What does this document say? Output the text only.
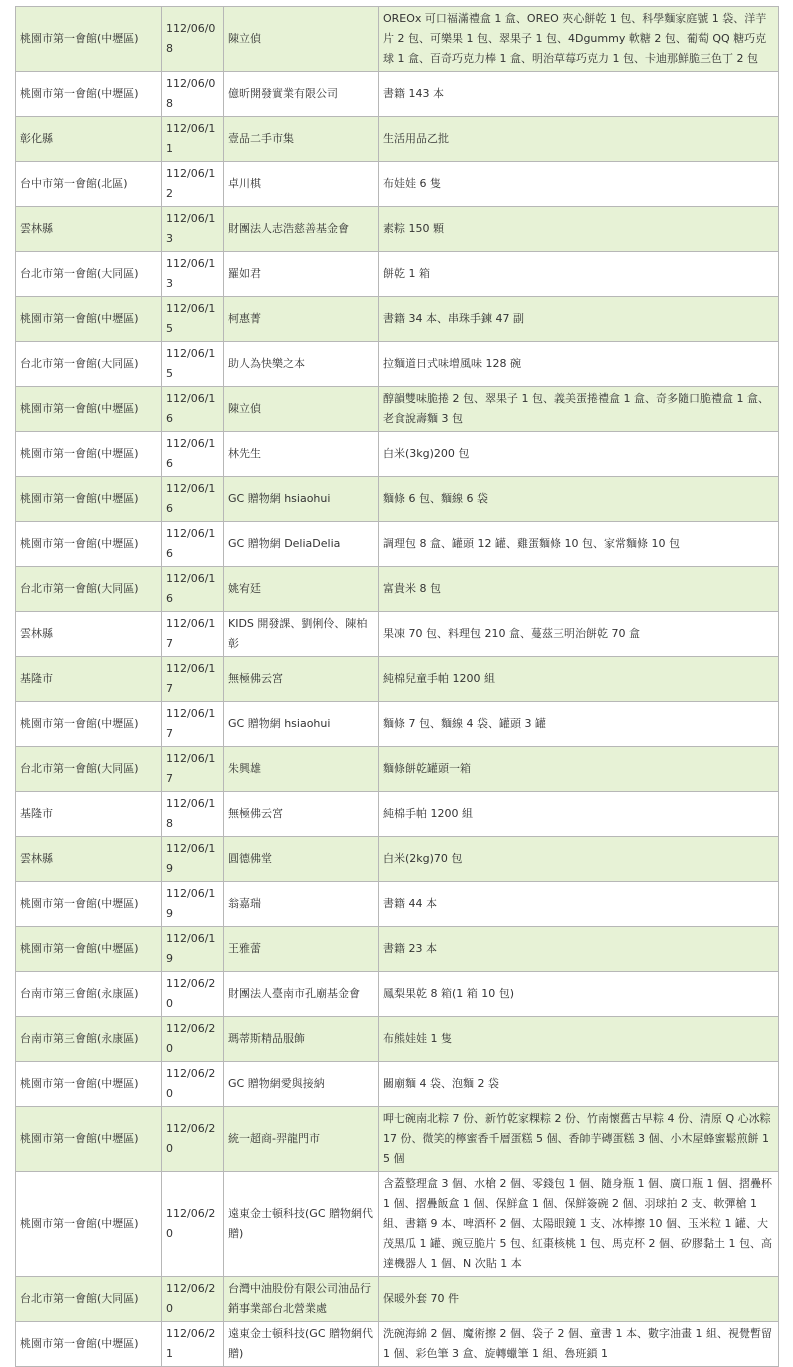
桃園市第一會館(中壢區)	112/06/08	陳立偵	OREOx 可口福滿禮盒 1 盒、OREO 夾心餅乾 1 包、科學麵家庭號 1 袋、洋芋片 2 包、可樂果 1 包、翠果子 1 包、4Dgummy 軟糖 2 包、葡萄 QQ 糖巧克球 1 盒、百奇巧克力棒 1 盒、明治草莓巧克力 1 包、卡迪那鮮脆三色丁 2 包
桃園市第一會館(中壢區)	112/06/08	億昕開發實業有限公司	書籍 143 本
彰化縣	112/06/11	壹品二手市集	生活用品乙批
台中市第一會館(北區)	112/06/12	卓川棋	布娃娃 6 隻
雲林縣	112/06/13	財團法人志浩慈善基金會	素粽 150 顆
台北市第一會館(大同區)	112/06/13	羅如君	餅乾 1 箱
桃園市第一會館(中壢區)	112/06/15	柯惠菁	書籍 34 本、串珠手鍊 47 副
台北市第一會館(大同區)	112/06/15	助人為快樂之本	拉麵道日式味增風味 128 碗
桃園市第一會館(中壢區)	112/06/16	陳立偵	醇韻雙味脆捲 2 包、翠果子 1 包、義美蛋捲禮盒 1 盒、奇多隨口脆禮盒 1 盒、老食說壽麵 3 包
桃園市第一會館(中壢區)	112/06/16	林先生	白米(3kg)200 包
桃園市第一會館(中壢區)	112/06/16	GC 贈物網 hsiaohui	麵條 6 包、麵線 6 袋
桃園市第一會館(中壢區)	112/06/16	GC 贈物網 DeliaDelia	調理包 8 盒、罐頭 12 罐、雞蛋麵條 10 包、家常麵條 10 包
台北市第一會館(大同區)	112/06/16	姚宥廷	富貴米 8 包
雲林縣	112/06/17	KIDS 開發課、劉俐伶、陳柏彰	果凍 70 包、料理包 210 盒、蔓茲三明治餅乾 70 盒
基隆市	112/06/17	無極佛云宮	純棉兒童手帕 1200 組
桃園市第一會館(中壢區)	112/06/17	GC 贈物網 hsiaohui	麵條 7 包、麵線 4 袋、罐頭 3 罐
台北市第一會館(大同區)	112/06/17	朱興雄	麵條餅乾罐頭一箱
基隆市	112/06/18	無極佛云宮	純棉手帕 1200 組
雲林縣	112/06/19	圓德佛堂	白米(2kg)70 包
桃園市第一會館(中壢區)	112/06/19	翁嘉瑞	書籍 44 本
桃園市第一會館(中壢區)	112/06/19	王雅蕾	書籍 23 本
台南市第三會館(永康區)	112/06/20	財團法人臺南市孔廟基金會	鳳梨果乾 8 箱(1 箱 10 包)
台南市第三會館(永康區)	112/06/20	瑪蒂斯精品服飾	布熊娃娃 1 隻
桃園市第一會館(中壢區)	112/06/20	GC 贈物網愛與接納	關廟麵 4 袋、泡麵 2 袋
桃園市第一會館(中壢區)	112/06/20	統一超商-羿龍門市	呷七碗南北粽 7 份、新竹乾家粿粽 2 份、竹南懷舊古早粽 4 份、清原 Q 心冰粽 17 份、微笑的檸蜜香千層蛋糕 5 個、香帥芋磚蛋糕 3 個、小木屋蜂蜜鬆煎餅 15 個
桃園市第一會館(中壢區)	112/06/20	遠東金士頓科技(GC 贈物網代贈)	含蓋整理盒 3 個、水槍 2 個、零錢包 1 個、隨身瓶 1 個、廣口瓶 1 個、摺疊杯 1 個、摺疊飯盒 1 個、保鮮盒 1 個、保鮮簽碗 2 個、羽球拍 2 支、軟彈槍 1 組、書籍 9 本、啤酒杯 2 個、太陽眼鏡 1 支、冰棒擦 10 個、玉米粒 1 罐、大茂黑瓜 1 罐、豌豆脆片 5 包、紅棗核桃 1 包、馬克杯 2 個、矽膠黏土 1 包、高達機器人 1 個、N 次貼 1 本
台北市第一會館(大同區)	112/06/20	台灣中油股份有限公司油品行銷事業部台北營業處	保暖外套 70 件
桃園市第一會館(中壢區)	112/06/21	遠東金士頓科技(GC 贈物網代贈)	洗碗海綿 2 個、魔術擦 2 個、袋子 2 個、童書 1 本、數字油畫 1 組、視覺暫留 1 個、彩色筆 3 盒、旋轉蠟筆 1 組、魯班鎖 1
